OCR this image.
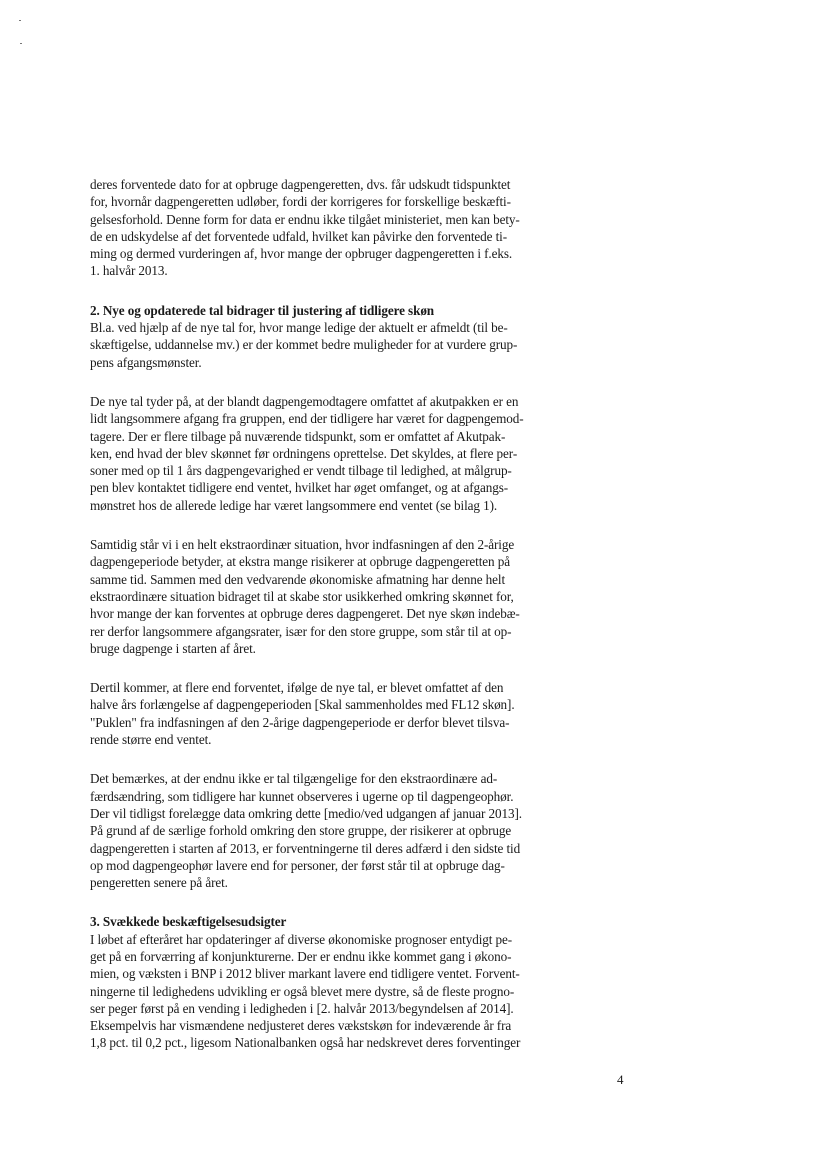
deres forventede dato for at opbruge dagpengeretten, dvs. får udskudt tidspunktet
for, hvornår dagpengeretten udløber, fordi der korrigeres for forskellige beskæfti-
gelsesforhold. Denne form for data er endnu ikke tilgået ministeriet, men kan bety-
de en udskydelse af det forventede udfald, hvilket kan påvirke den forventede ti-
ming og dermed vurderingen af, hvor mange der opbruger dagpengeretten i f.eks.
1. halvår 2013.
2. Nye og opdaterede tal bidrager til justering af tidligere skøn
Bl.a. ved hjælp af de nye tal for, hvor mange ledige der aktuelt er afmeldt (til be-
skæftigelse, uddannelse mv.) er der kommet bedre muligheder for at vurdere grup-
pens afgangsmønster.
De nye tal tyder på, at der blandt dagpengemodtagere omfattet af akutpakken er en
lidt langsommere afgang fra gruppen, end der tidligere har været for dagpengemod-
tagere. Der er flere tilbage på nuværende tidspunkt, som er omfattet af Akutpak-
ken, end hvad der blev skønnet før ordningens oprettelse. Det skyldes, at flere per-
soner med op til 1 års dagpengevarighed er vendt tilbage til ledighed, at målgrup-
pen blev kontaktet tidligere end ventet, hvilket har øget omfanget, og at afgangs-
mønstret hos de allerede ledige har været langsommere end ventet (se bilag 1).
Samtidig står vi i en helt ekstraordinær situation, hvor indfasningen af den 2-årige
dagpengeperiode betyder, at ekstra mange risikerer at opbruge dagpengeretten på
samme tid. Sammen med den vedvarende økonomiske afmatning har denne helt
ekstraordinære situation bidraget til at skabe stor usikkerhed omkring skønnet for,
hvor mange der kan forventes at opbruge deres dagpengeret. Det nye skøn indebæ-
rer derfor langsommere afgangsrater, især for den store gruppe, som står til at op-
bruge dagpenge i starten af året.
Dertil kommer, at flere end forventet, ifølge de nye tal, er blevet omfattet af den
halve års forlængelse af dagpengeperioden [Skal sammenholdes med FL12 skøn].
"Puklen" fra indfasningen af den 2-årige dagpengeperiode er derfor blevet tilsva-
rende større end ventet.
Det bemærkes, at der endnu ikke er tal tilgængelige for den ekstraordinære ad-
færdsændring, som tidligere har kunnet observeres i ugerne op til dagpengeophør.
Der vil tidligst forelægge data omkring dette [medio/ved udgangen af januar 2013].
På grund af de særlige forhold omkring den store gruppe, der risikerer at opbruge
dagpengeretten i starten af 2013, er forventningerne til deres adfærd i den sidste tid
op mod dagpengeophør lavere end for personer, der først står til at opbruge dag-
pengeretten senere på året.
3. Svækkede beskæftigelsesudsigter
I løbet af efteråret har opdateringer af diverse økonomiske prognoser entydigt pe-
get på en forværring af konjunkturerne. Der er endnu ikke kommet gang i økono-
mien, og væksten i BNP i 2012 bliver markant lavere end tidligere ventet. Forvent-
ningerne til ledighedens udvikling er også blevet mere dystre, så de fleste progno-
ser peger først på en vending i ledigheden i [2. halvår 2013/begyndelsen af 2014].
Eksempelvis har vismændene nedjusteret deres vækstskøn for indeværende år fra
1,8 pct. til 0,2 pct., ligesom Nationalbanken også har nedskrevet deres forventinger
4
